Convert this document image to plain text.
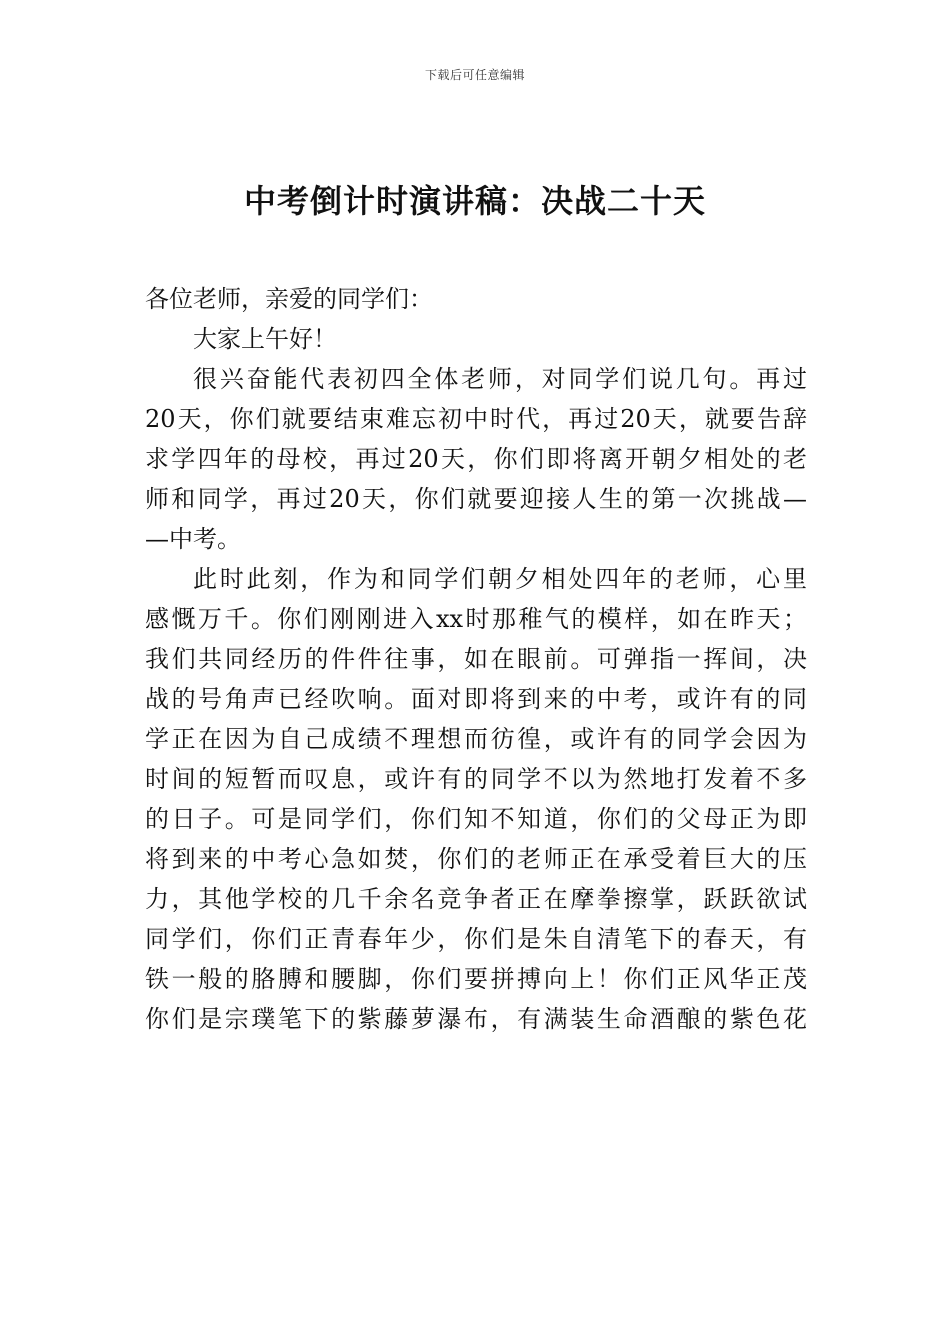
下载后可任意编辑
中考倒计时演讲稿：决战二十天
各位老师，亲爱的同学们：
大家上午好！
很兴奋能代表初四全体老师，对同学们说几句。再过
20天，你们就要结束难忘初中时代，再过20天，就要告辞
求学四年的母校，再过20天，你们即将离开朝夕相处的老
师和同学，再过20天，你们就要迎接人生的第一次挑战—
—中考。
此时此刻，作为和同学们朝夕相处四年的老师，心里
感慨万千。你们刚刚进入xx时那稚气的模样，如在昨天；
我们共同经历的件件往事，如在眼前。可弹指一挥间，决
战的号角声已经吹响。面对即将到来的中考，或许有的同
学正在因为自己成绩不理想而彷徨，或许有的同学会因为
时间的短暂而叹息，或许有的同学不以为然地打发着不多
的日子。可是同学们，你们知不知道，你们的父母正为即
将到来的中考心急如焚，你们的老师正在承受着巨大的压
力，其他学校的几千余名竞争者正在摩拳擦掌，跃跃欲试
同学们，你们正青春年少，你们是朱自清笔下的春天，有
铁一般的胳膊和腰脚，你们要拼搏向上！你们正风华正茂
你们是宗璞笔下的紫藤萝瀑布，有满装生命酒酿的紫色花
